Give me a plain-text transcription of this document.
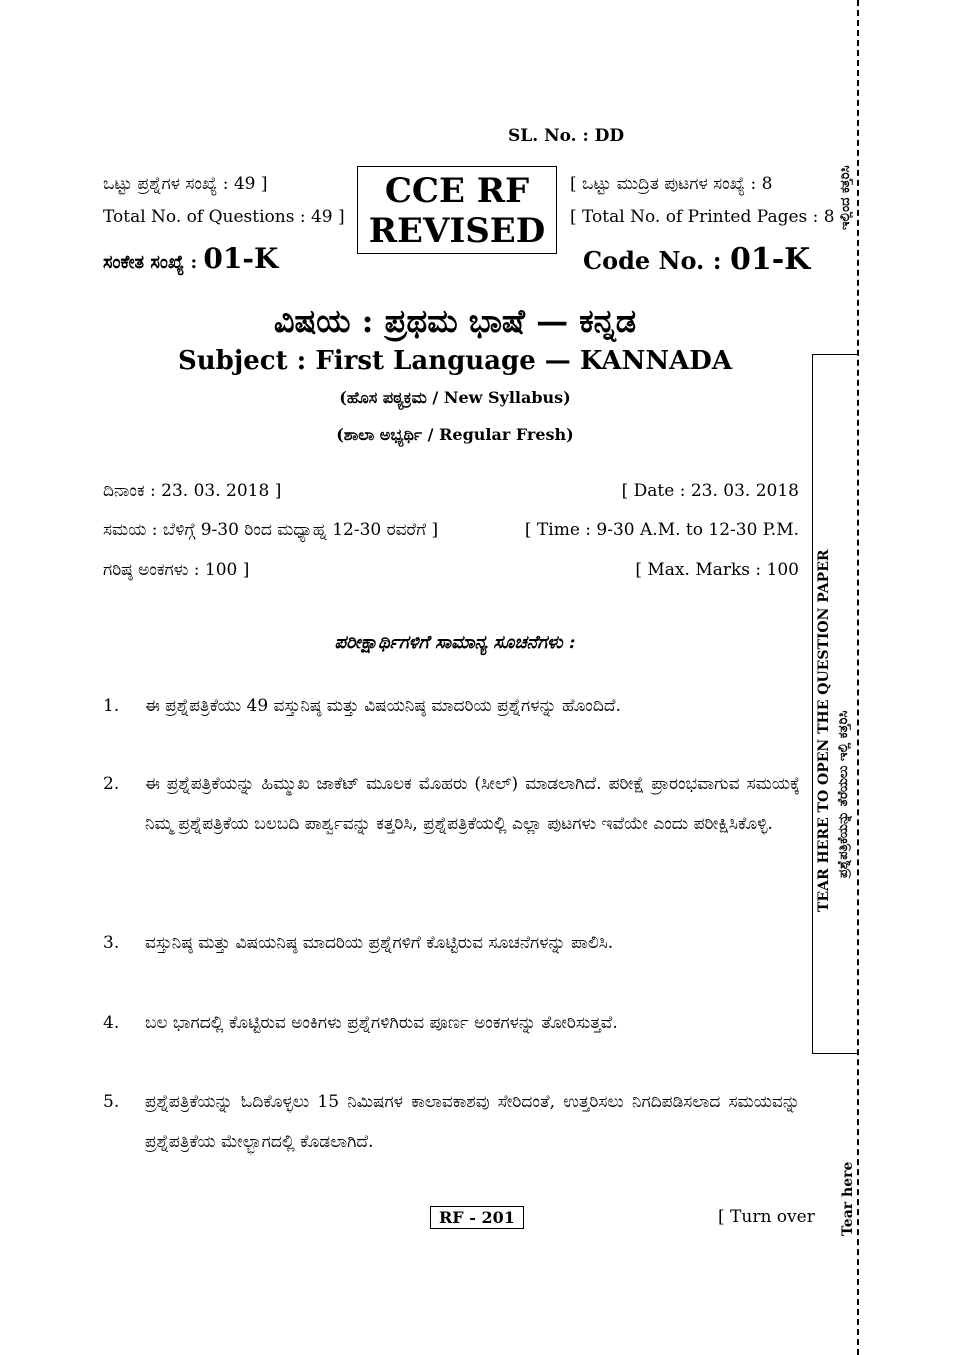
SL. No. : DD
ಒಟ್ಟು ಪ್ರಶ್ನೆಗಳ ಸಂಖ್ಯೆ : 49 ]
Total No. of Questions : 49 ]
ಸಂಕೇತ ಸಂಖ್ಯೆ : 01-K
CCE RF
REVISED
[ ಒಟ್ಟು ಮುದ್ರಿತ ಪುಟಗಳ ಸಂಖ್ಯೆ : 8
[ Total No. of Printed Pages : 8
Code No. : 01-K
ವಿಷಯ : ಪ್ರಥಮ ಭಾಷೆ — ಕನ್ನಡ
Subject : First Language — KANNADA
(ಹೊಸ ಪಠ್ಯಕ್ರಮ / New Syllabus)
(ಶಾಲಾ ಅಭ್ಯರ್ಥಿ / Regular Fresh)
ದಿನಾಂಕ : 23. 03. 2018 ]	[ Date : 23. 03. 2018
ಸಮಯ : ಬೆಳಿಗ್ಗೆ 9-30 ರಿಂದ ಮಧ್ಯಾಹ್ನ 12-30 ರವರೆಗೆ ]	[ Time : 9-30 A.M. to 12-30 P.M.
ಗರಿಷ್ಠ ಅಂಕಗಳು : 100 ]	[ Max. Marks : 100
ಪರೀಕ್ಷಾರ್ಥಿಗಳಿಗೆ ಸಾಮಾನ್ಯ ಸೂಚನೆಗಳು :
1. ಈ ಪ್ರಶ್ನೆಪತ್ರಿಕೆಯು 49 ವಸ್ತುನಿಷ್ಠ ಮತ್ತು ವಿಷಯನಿಷ್ಠ ಮಾದರಿಯ ಪ್ರಶ್ನೆಗಳನ್ನು ಹೊಂದಿದೆ.
2. ಈ ಪ್ರಶ್ನೆಪತ್ರಿಕೆಯನ್ನು ಹಿಮ್ಮುಖ ಜಾಕೆಟ್ ಮೂಲಕ ಮೊಹರು (ಸೀಲ್) ಮಾಡಲಾಗಿದೆ. ಪರೀಕ್ಷೆ ಪ್ರಾರಂಭವಾಗುವ ಸಮಯಕ್ಕೆ ನಿಮ್ಮ ಪ್ರಶ್ನೆಪತ್ರಿಕೆಯ ಬಲಬದಿ ಪಾರ್ಶ್ವವನ್ನು ಕತ್ತರಿಸಿ, ಪ್ರಶ್ನೆಪತ್ರಿಕೆಯಲ್ಲಿ ಎಲ್ಲಾ ಪುಟಗಳು ಇವೆಯೇ ಎಂದು ಪರೀಕ್ಷಿಸಿಕೊಳ್ಳಿ.
3. ವಸ್ತುನಿಷ್ಠ ಮತ್ತು ವಿಷಯನಿಷ್ಠ ಮಾದರಿಯ ಪ್ರಶ್ನೆಗಳಿಗೆ ಕೊಟ್ಟಿರುವ ಸೂಚನೆಗಳನ್ನು ಪಾಲಿಸಿ.
4. ಬಲ ಭಾಗದಲ್ಲಿ ಕೊಟ್ಟಿರುವ ಅಂಕಿಗಳು ಪ್ರಶ್ನೆಗಳಿಗಿರುವ ಪೂರ್ಣ ಅಂಕಗಳನ್ನು ತೋರಿಸುತ್ತವೆ.
5. ಪ್ರಶ್ನೆಪತ್ರಿಕೆಯನ್ನು ಓದಿಕೊಳ್ಳಲು 15 ನಿಮಿಷಗಳ ಕಾಲಾವಕಾಶವು ಸೇರಿದಂತೆ, ಉತ್ತರಿಸಲು ನಿಗದಿಪಡಿಸಲಾದ ಸಮಯವನ್ನು ಪ್ರಶ್ನೆಪತ್ರಿಕೆಯ ಮೇಲ್ಭಾಗದಲ್ಲಿ ಕೊಡಲಾಗಿದೆ.
RF - 201	[ Turn over
TEAR HERE TO OPEN THE QUESTION PAPER ಪ್ರಶ್ನೆಪತ್ರಿಕೆಯನ್ನು ತೆರೆಯಲು ಇಲ್ಲಿ ಕತ್ತರಿಸಿ
ಇಲ್ಲಿಂದ ಕತ್ತರಿಸಿ
Tear here
